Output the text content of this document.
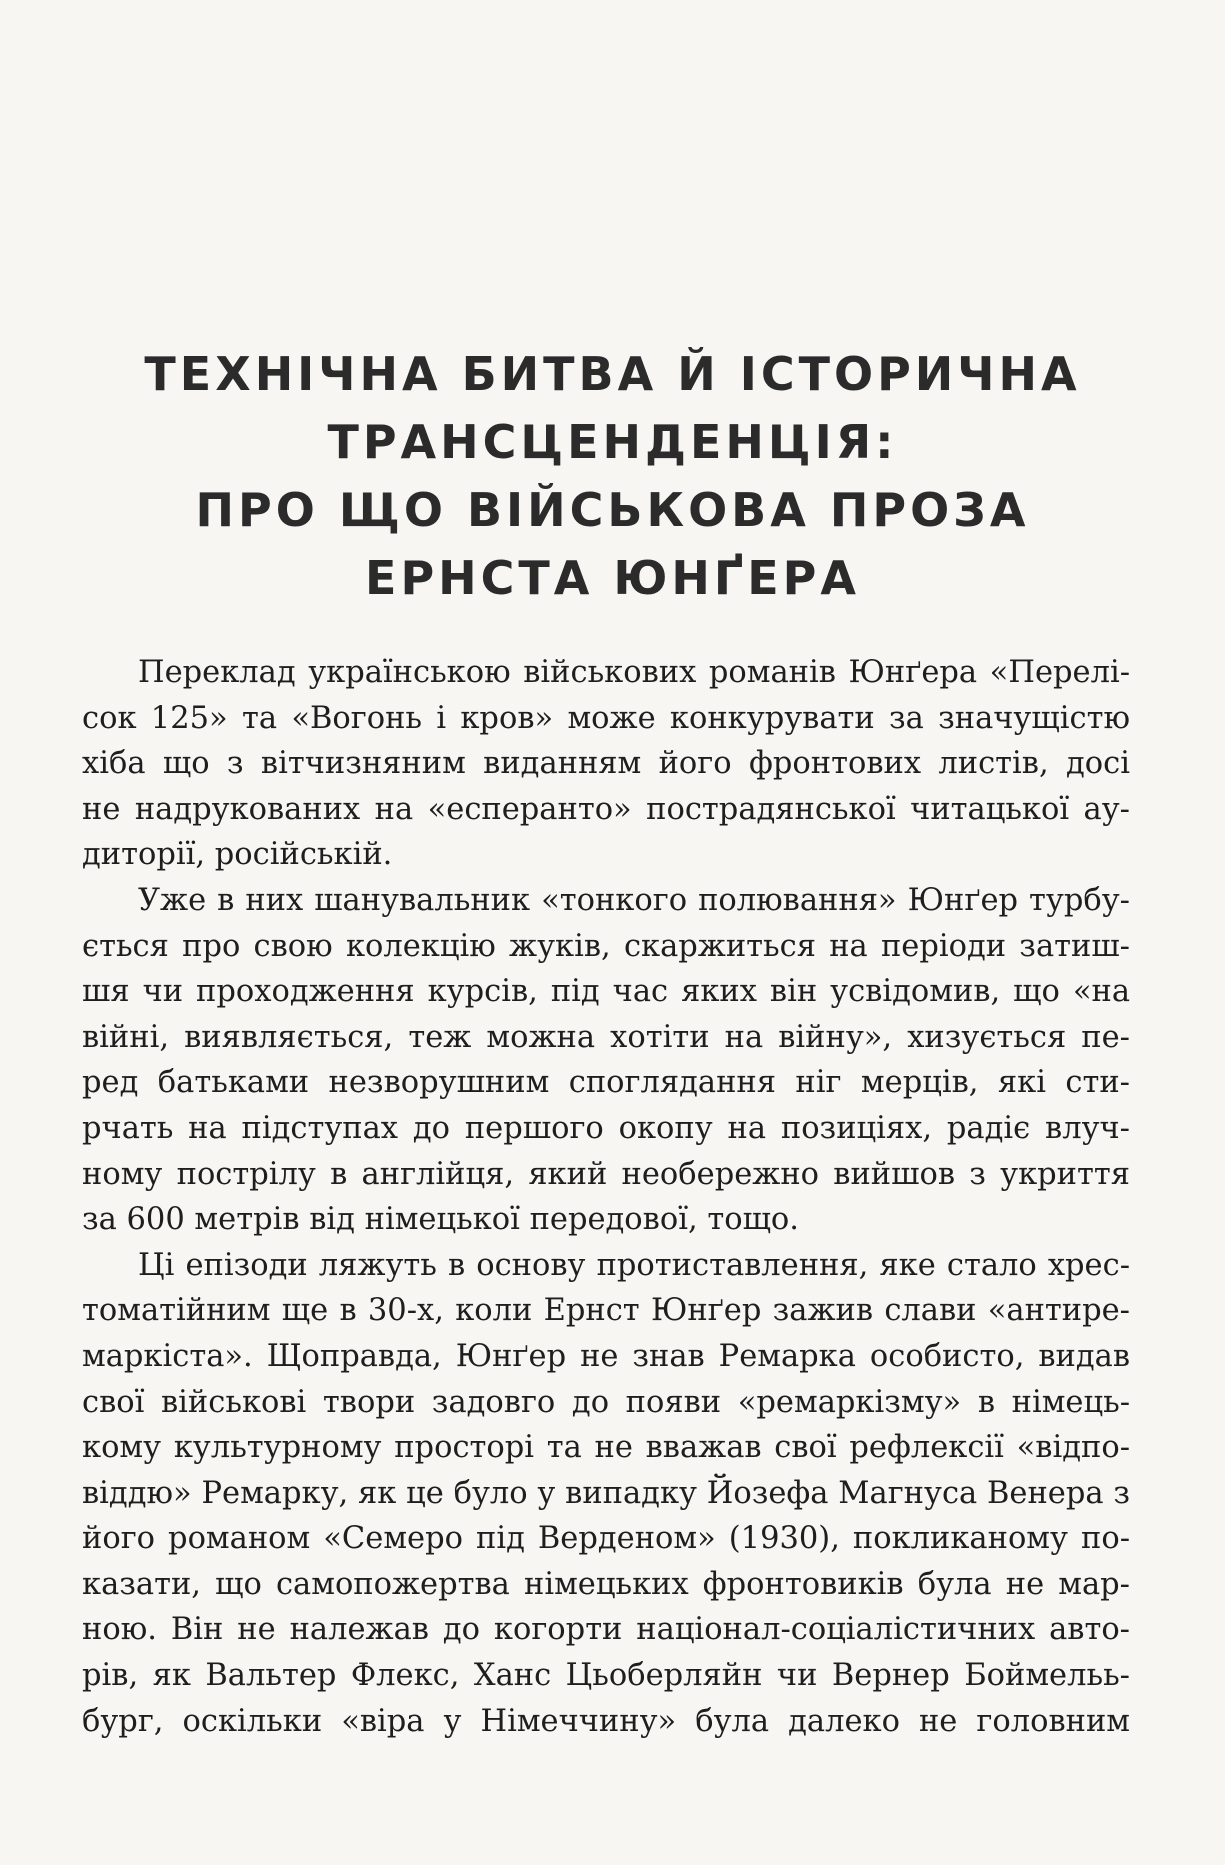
ТЕХНІЧНА БИТВА Й ІСТОРИЧНА
ТРАНСЦЕНДЕНЦІЯ:
ПРО ЩО ВІЙСЬКОВА ПРОЗА
ЕРНСТА ЮНҐЕРА
Переклад українською військових романів Юнґера «Перелі-
сок 125» та «Вогонь і кров» може конкурувати за значущістю
хіба що з вітчизняним виданням його фронтових листів, досі
не надрукованих на «есперанто» пострадянської читацької ау-
диторії, російській.
Уже в них шанувальник «тонкого полювання» Юнґер турбу-
ється про свою колекцію жуків, скаржиться на періоди затиш-
шя чи проходження курсів, під час яких він усвідомив, що «на
війні, виявляється, теж можна хотіти на війну», хизується пе-
ред батьками незворушним споглядання ніг мерців, які сти-
рчать на підступах до першого окопу на позиціях, радіє влуч-
ному пострілу в англійця, який необережно вийшов з укриття
за 600 метрів від німецької передової, тощо.
Ці епізоди ляжуть в основу протиставлення, яке стало хрес-
томатійним ще в 30-х, коли Ернст Юнґер зажив слави «антире-
маркіста». Щоправда, Юнґер не знав Ремарка особисто, видав
свої військові твори задовго до появи «ремаркізму» в німець-
кому культурному просторі та не вважав свої рефлексії «відпо-
віддю» Ремарку, як це було у випадку Йозефа Магнуса Венера з
його романом «Семеро під Верденом» (1930), покликаному по-
казати, що самопожертва німецьких фронтовиків була не мар-
ною. Він не належав до когорти націонал-соціалістичних авто-
рів, як Вальтер Флекс, Ханс Цьоберляйн чи Вернер Боймельь-
бург, оскільки «віра у Німеччину» була далеко не головним
